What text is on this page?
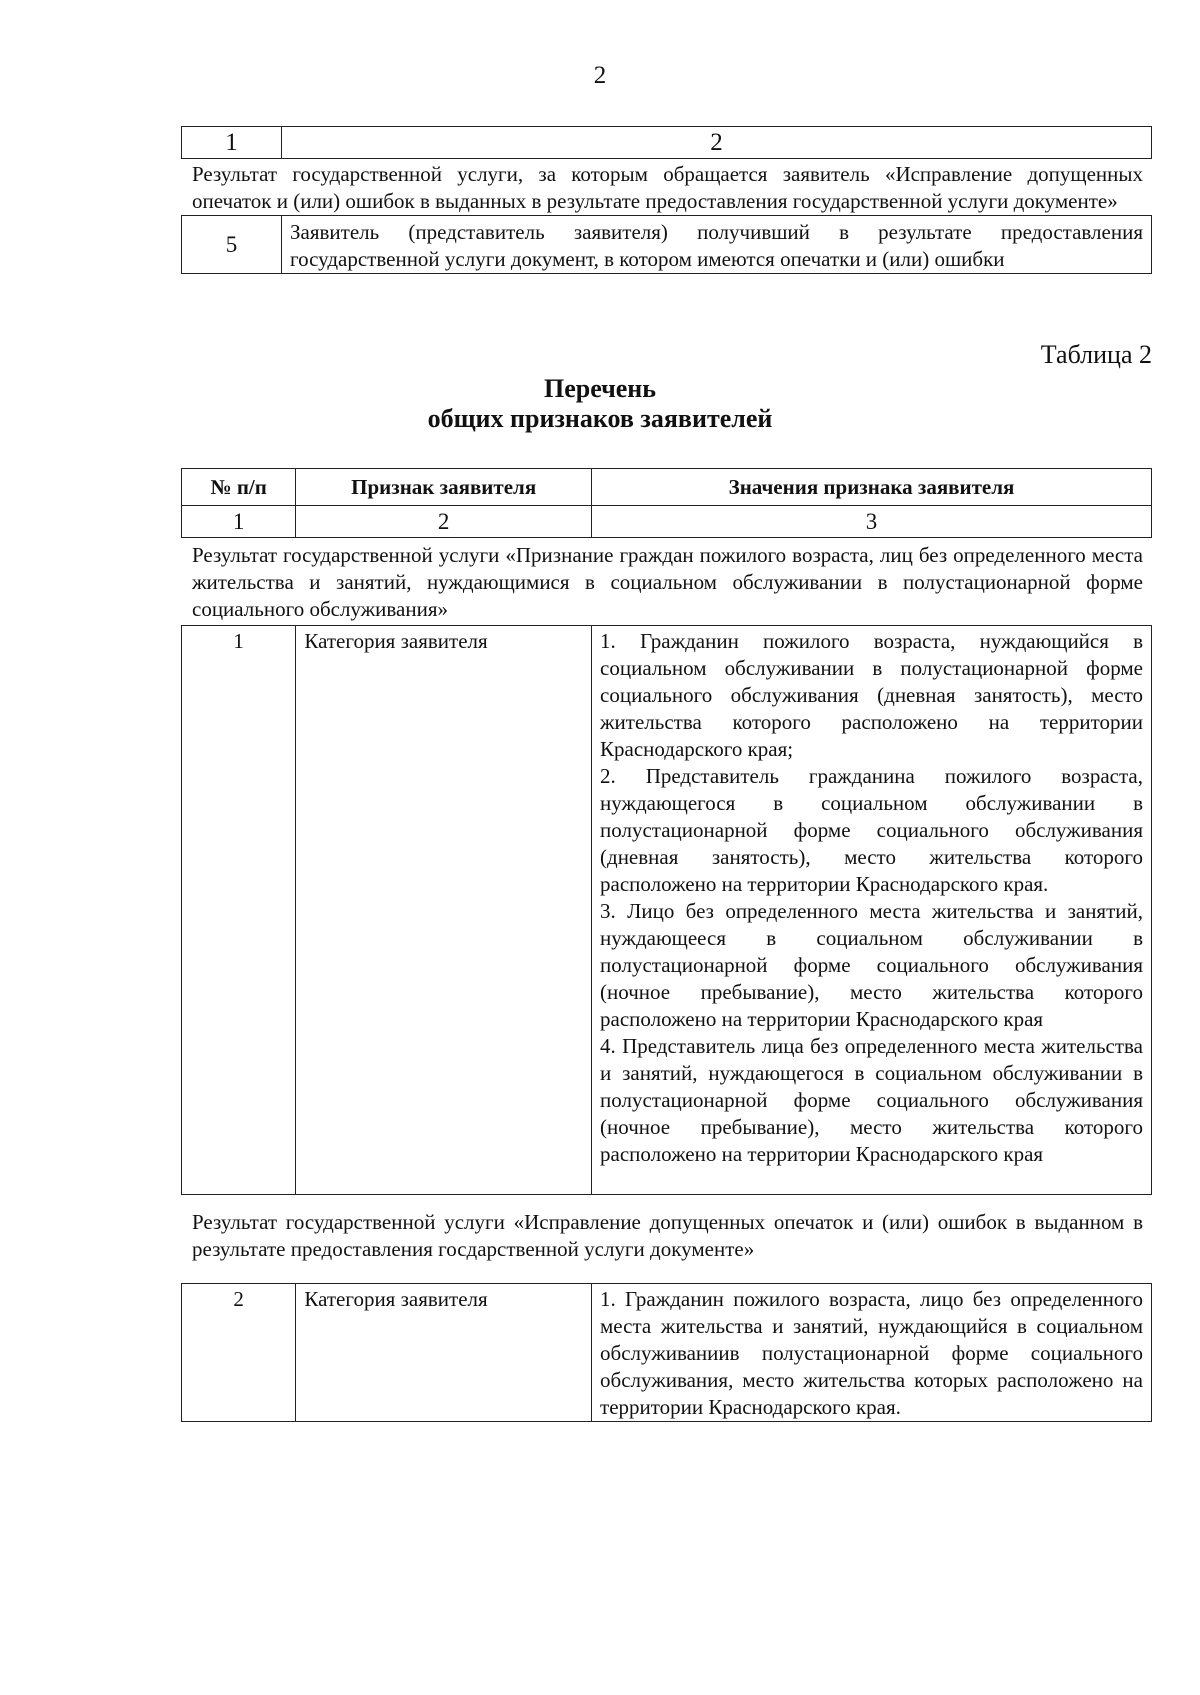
2
1	2
Результат государственной услуги, за которым обращается заявитель «Исправление допущенных опечаток и (или) ошибок в выданных в результате предоставления государственной услуги документе»	
5	Заявитель (представитель заявителя) получивший в результате предоставления государственной услуги документ, в котором имеются опечатки и (или) ошибки
Таблица 2
Перечень
общих признаков заявителей
№ п/п	Признак заявителя	Значения признака заявителя
1	2	3
Результат государственной услуги «Признание граждан пожилого возраста, лиц без определенного места жительства и занятий, нуждающимися в социальном обслуживании в полустационарной форме социального обслуживания»		
1	Категория заявителя	1. Гражданин пожилого возраста, нуждающийся в социальном обслуживании в полустационарной форме социального обслуживания (дневная занятость), место жительства которого расположено на территории Краснодарского края;

2. Представитель гражданина пожилого возраста, нуждающегося в социальном обслуживании в полустационарной форме социального обслуживания (дневная занятость), место жительства которого расположено на территории Краснодарского края.

3. Лицо без определенного места жительства и занятий, нуждающееся в социальном обслуживании в полустационарной форме социального обслуживания (ночное пребывание), место жительства которого расположено на территории Краснодарского края

4. Представитель лица без определенного места жительства и занятий, нуждающегося в социальном обслуживании в полустационарной форме социального обслуживания (ночное пребывание), место жительства которого расположено на территории Краснодарского края

Результат государственной услуги «Исправление допущенных опечаток и (или) ошибок в выданном в результате предоставления госдарственной услуги документе»		
2	Категория заявителя	1. Гражданин пожилого возраста, лицо без определенного места жительства и занятий, нуждающийся в социальном обслуживаниив полустационарной форме социального обслуживания, место жительства которых расположено на территории Краснодарского края.
